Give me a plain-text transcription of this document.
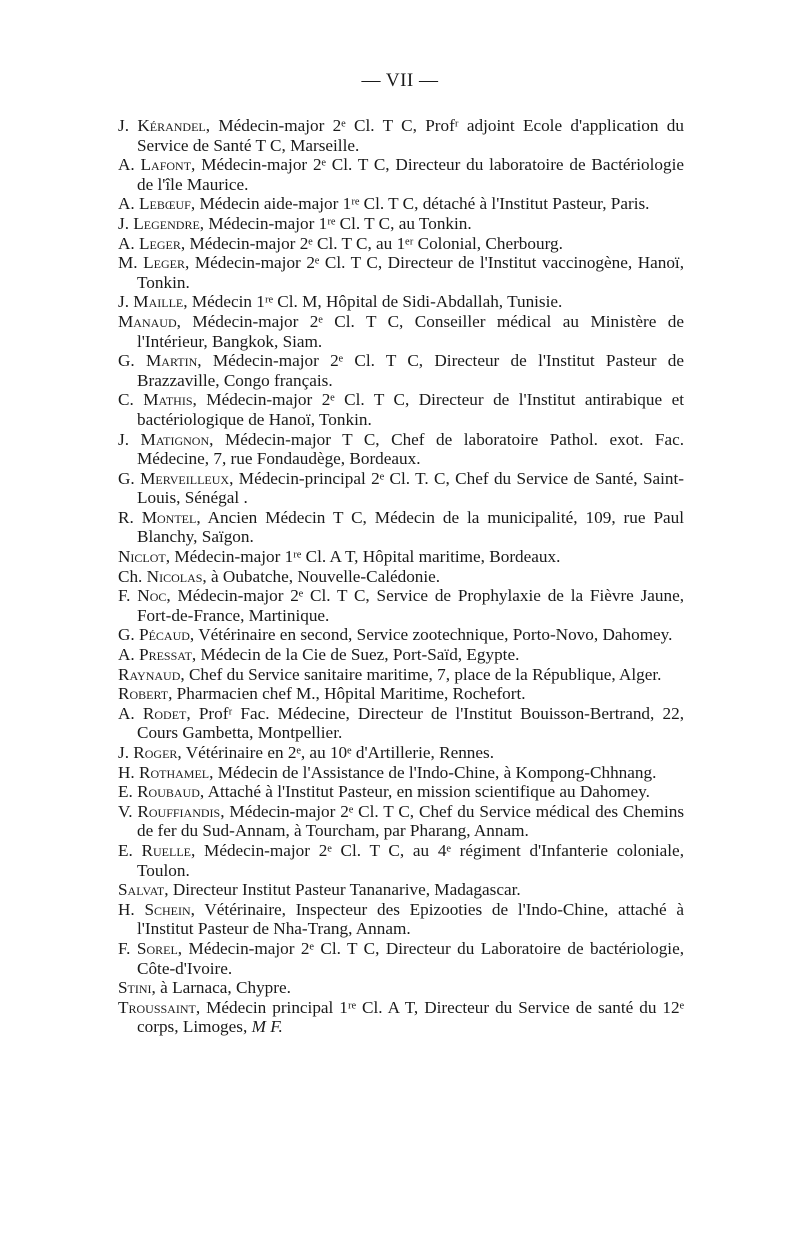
— VII —

J. Kérandel, Médecin-major 2ᵉ Cl. T C, Profʳ adjoint Ecole d'application du Service de Santé T C, Marseille.

A. Lafont, Médecin-major 2ᵉ Cl. T C, Directeur du laboratoire de Bactériologie de l'île Maurice.

A. Lebœuf, Médecin aide-major 1ʳᵉ Cl. T C, détaché à l'Institut Pasteur, Paris.

J. Legendre, Médecin-major 1ʳᵉ Cl. T C, au Tonkin.

A. Leger, Médecin-major 2ᵉ Cl. T C, au 1ᵉʳ Colonial, Cherbourg.

M. Leger, Médecin-major 2ᵉ Cl. T C, Directeur de l'Institut vaccinogène, Hanoï, Tonkin.

J. Maille, Médecin 1ʳᵉ Cl. M, Hôpital de Sidi-Abdallah, Tunisie.

Manaud, Médecin-major 2ᵉ Cl. T C, Conseiller médical au Ministère de l'Intérieur, Bangkok, Siam.

G. Martin, Médecin-major 2ᵉ Cl. T C, Directeur de l'Institut Pasteur de Brazzaville, Congo français.

C. Mathis, Médecin-major 2ᵉ Cl. T C, Directeur de l'Institut antirabique et bactériologique de Hanoï, Tonkin.

J. Matignon, Médecin-major T C, Chef de laboratoire Pathol. exot. Fac. Médecine, 7, rue Fondaudège, Bordeaux.

G. Merveilleux, Médecin-principal 2ᵉ Cl. T. C, Chef du Service de Santé, Saint-Louis, Sénégal .

R. Montel, Ancien Médecin T C, Médecin de la municipalité, 109, rue Paul Blanchy, Saïgon.

Niclot, Médecin-major 1ʳᵉ Cl. A T, Hôpital maritime, Bordeaux.

Ch. Nicolas, à Oubatche, Nouvelle-Calédonie.

F. Noc, Médecin-major 2ᵉ Cl. T C, Service de Prophylaxie de la Fièvre Jaune, Fort-de-France, Martinique.

G. Pécaud, Vétérinaire en second, Service zootechnique, Porto-Novo, Dahomey.

A. Pressat, Médecin de la Cie de Suez, Port-Saïd, Egypte.

Raynaud, Chef du Service sanitaire maritime, 7, place de la République, Alger.

Robert, Pharmacien chef M., Hôpital Maritime, Rochefort.

A. Rodet, Profʳ Fac. Médecine, Directeur de l'Institut Bouisson-Bertrand, 22, Cours Gambetta, Montpellier.

J. Roger, Vétérinaire en 2ᵉ, au 10ᵉ d'Artillerie, Rennes.

H. Rothamel, Médecin de l'Assistance de l'Indo-Chine, à Kompong-Chhnang.

E. Roubaud, Attaché à l'Institut Pasteur, en mission scientifique au Dahomey.

V. Rouffiandis, Médecin-major 2ᵉ Cl. T C, Chef du Service médical des Chemins de fer du Sud-Annam, à Tourcham, par Pharang, Annam.

E. Ruelle, Médecin-major 2ᵉ Cl. T C, au 4ᵉ régiment d'Infanterie coloniale, Toulon.

Salvat, Directeur Institut Pasteur Tananarive, Madagascar.

H. Schein, Vétérinaire, Inspecteur des Epizooties de l'Indo-Chine, attaché à l'Institut Pasteur de Nha-Trang, Annam.

F. Sorel, Médecin-major 2ᵉ Cl. T C, Directeur du Laboratoire de bactériologie, Côte-d'Ivoire.

Stini, à Larnaca, Chypre.

Troussaint, Médecin principal 1ʳᵉ Cl. A T, Directeur du Service de santé du 12ᵉ corps, Limoges, M F.
